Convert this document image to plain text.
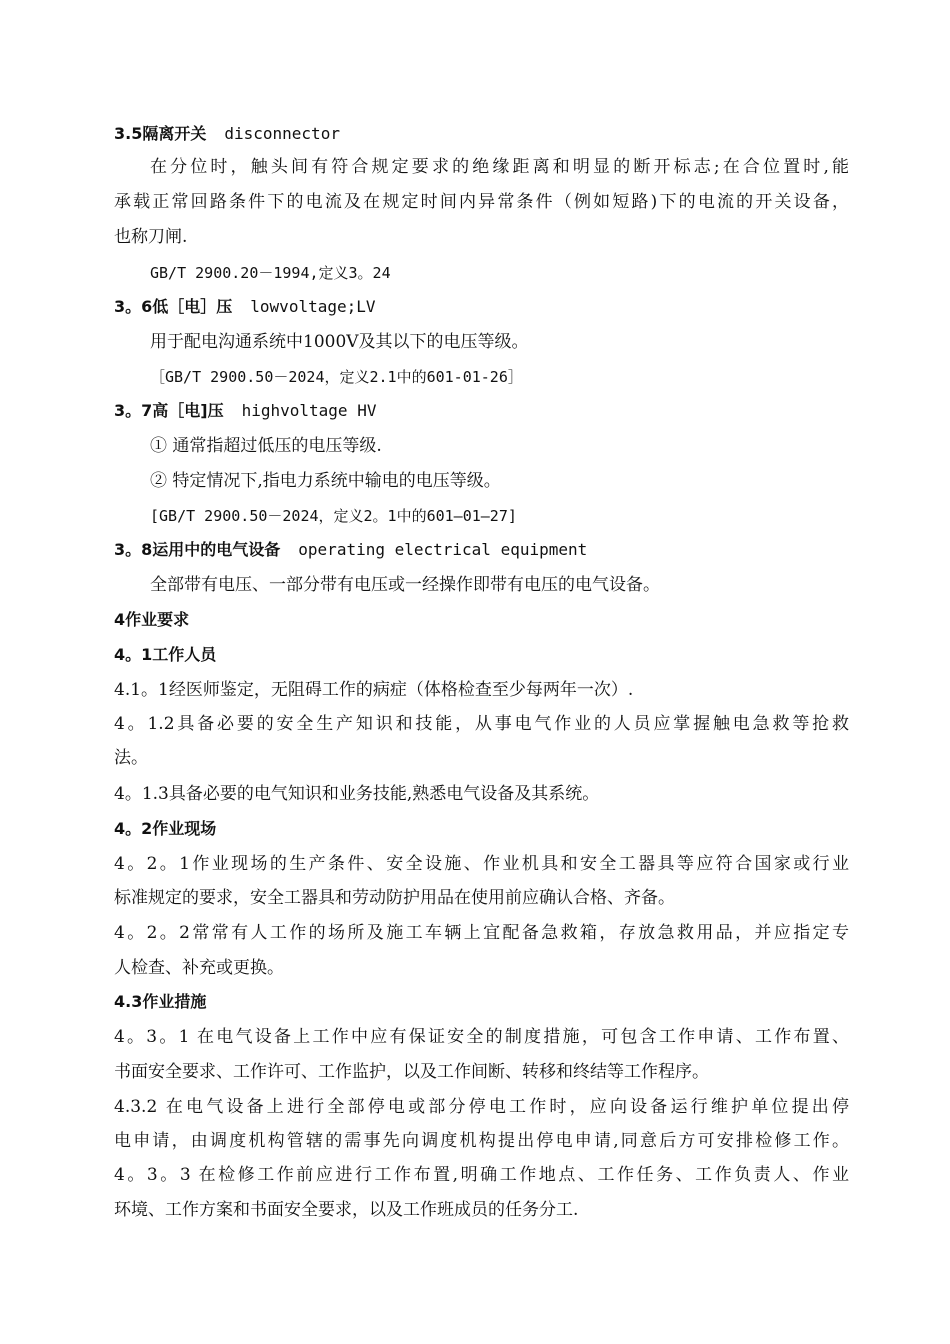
3.5隔离开关 disconnector
在分位时，触头间有符合规定要求的绝缘距离和明显的断开标志;在合位置时,能
承载正常回路条件下的电流及在规定时间内异常条件（例如短路)下的电流的开关设备，
也称刀闸.
GB/T 2900.20－1994,定义3。24
3。6低［电］压 lowvoltage;LV
用于配电沟通系统中1000V及其以下的电压等级。
［GB/T 2900.50－2024，定义2.1中的601-01-26］
3。7高［电]压 highvoltage HV
① 通常指超过低压的电压等级.
② 特定情况下,指电力系统中输电的电压等级。
[GB/T 2900.50－2024，定义2。1中的601—01—27]
3。8运用中的电气设备 operating electrical equipment
全部带有电压、一部分带有电压或一经操作即带有电压的电气设备。
4作业要求
4。1工作人员
4.1。1经医师鉴定，无阻碍工作的病症（体格检查至少每两年一次）.
4。1.2具备必要的安全生产知识和技能，从事电气作业的人员应掌握触电急救等抢救
法。
4。1.3具备必要的电气知识和业务技能,熟悉电气设备及其系统。
4。2作业现场
4。2。1作业现场的生产条件、安全设施、作业机具和安全工器具等应符合国家或行业
标准规定的要求，安全工器具和劳动防护用品在使用前应确认合格、齐备。
4。2。2常常有人工作的场所及施工车辆上宜配备急救箱，存放急救用品，并应指定专
人检查、补充或更换。
4.3作业措施
4。3。1 在电气设备上工作中应有保证安全的制度措施，可包含工作申请、工作布置、
书面安全要求、工作许可、工作监护，以及工作间断、转移和终结等工作程序。
4.3.2 在电气设备上进行全部停电或部分停电工作时，应向设备运行维护单位提出停
电申请，由调度机构管辖的需事先向调度机构提出停电申请,同意后方可安排检修工作。
4。3。3 在检修工作前应进行工作布置,明确工作地点、工作任务、工作负责人、作业
环境、工作方案和书面安全要求，以及工作班成员的任务分工.
